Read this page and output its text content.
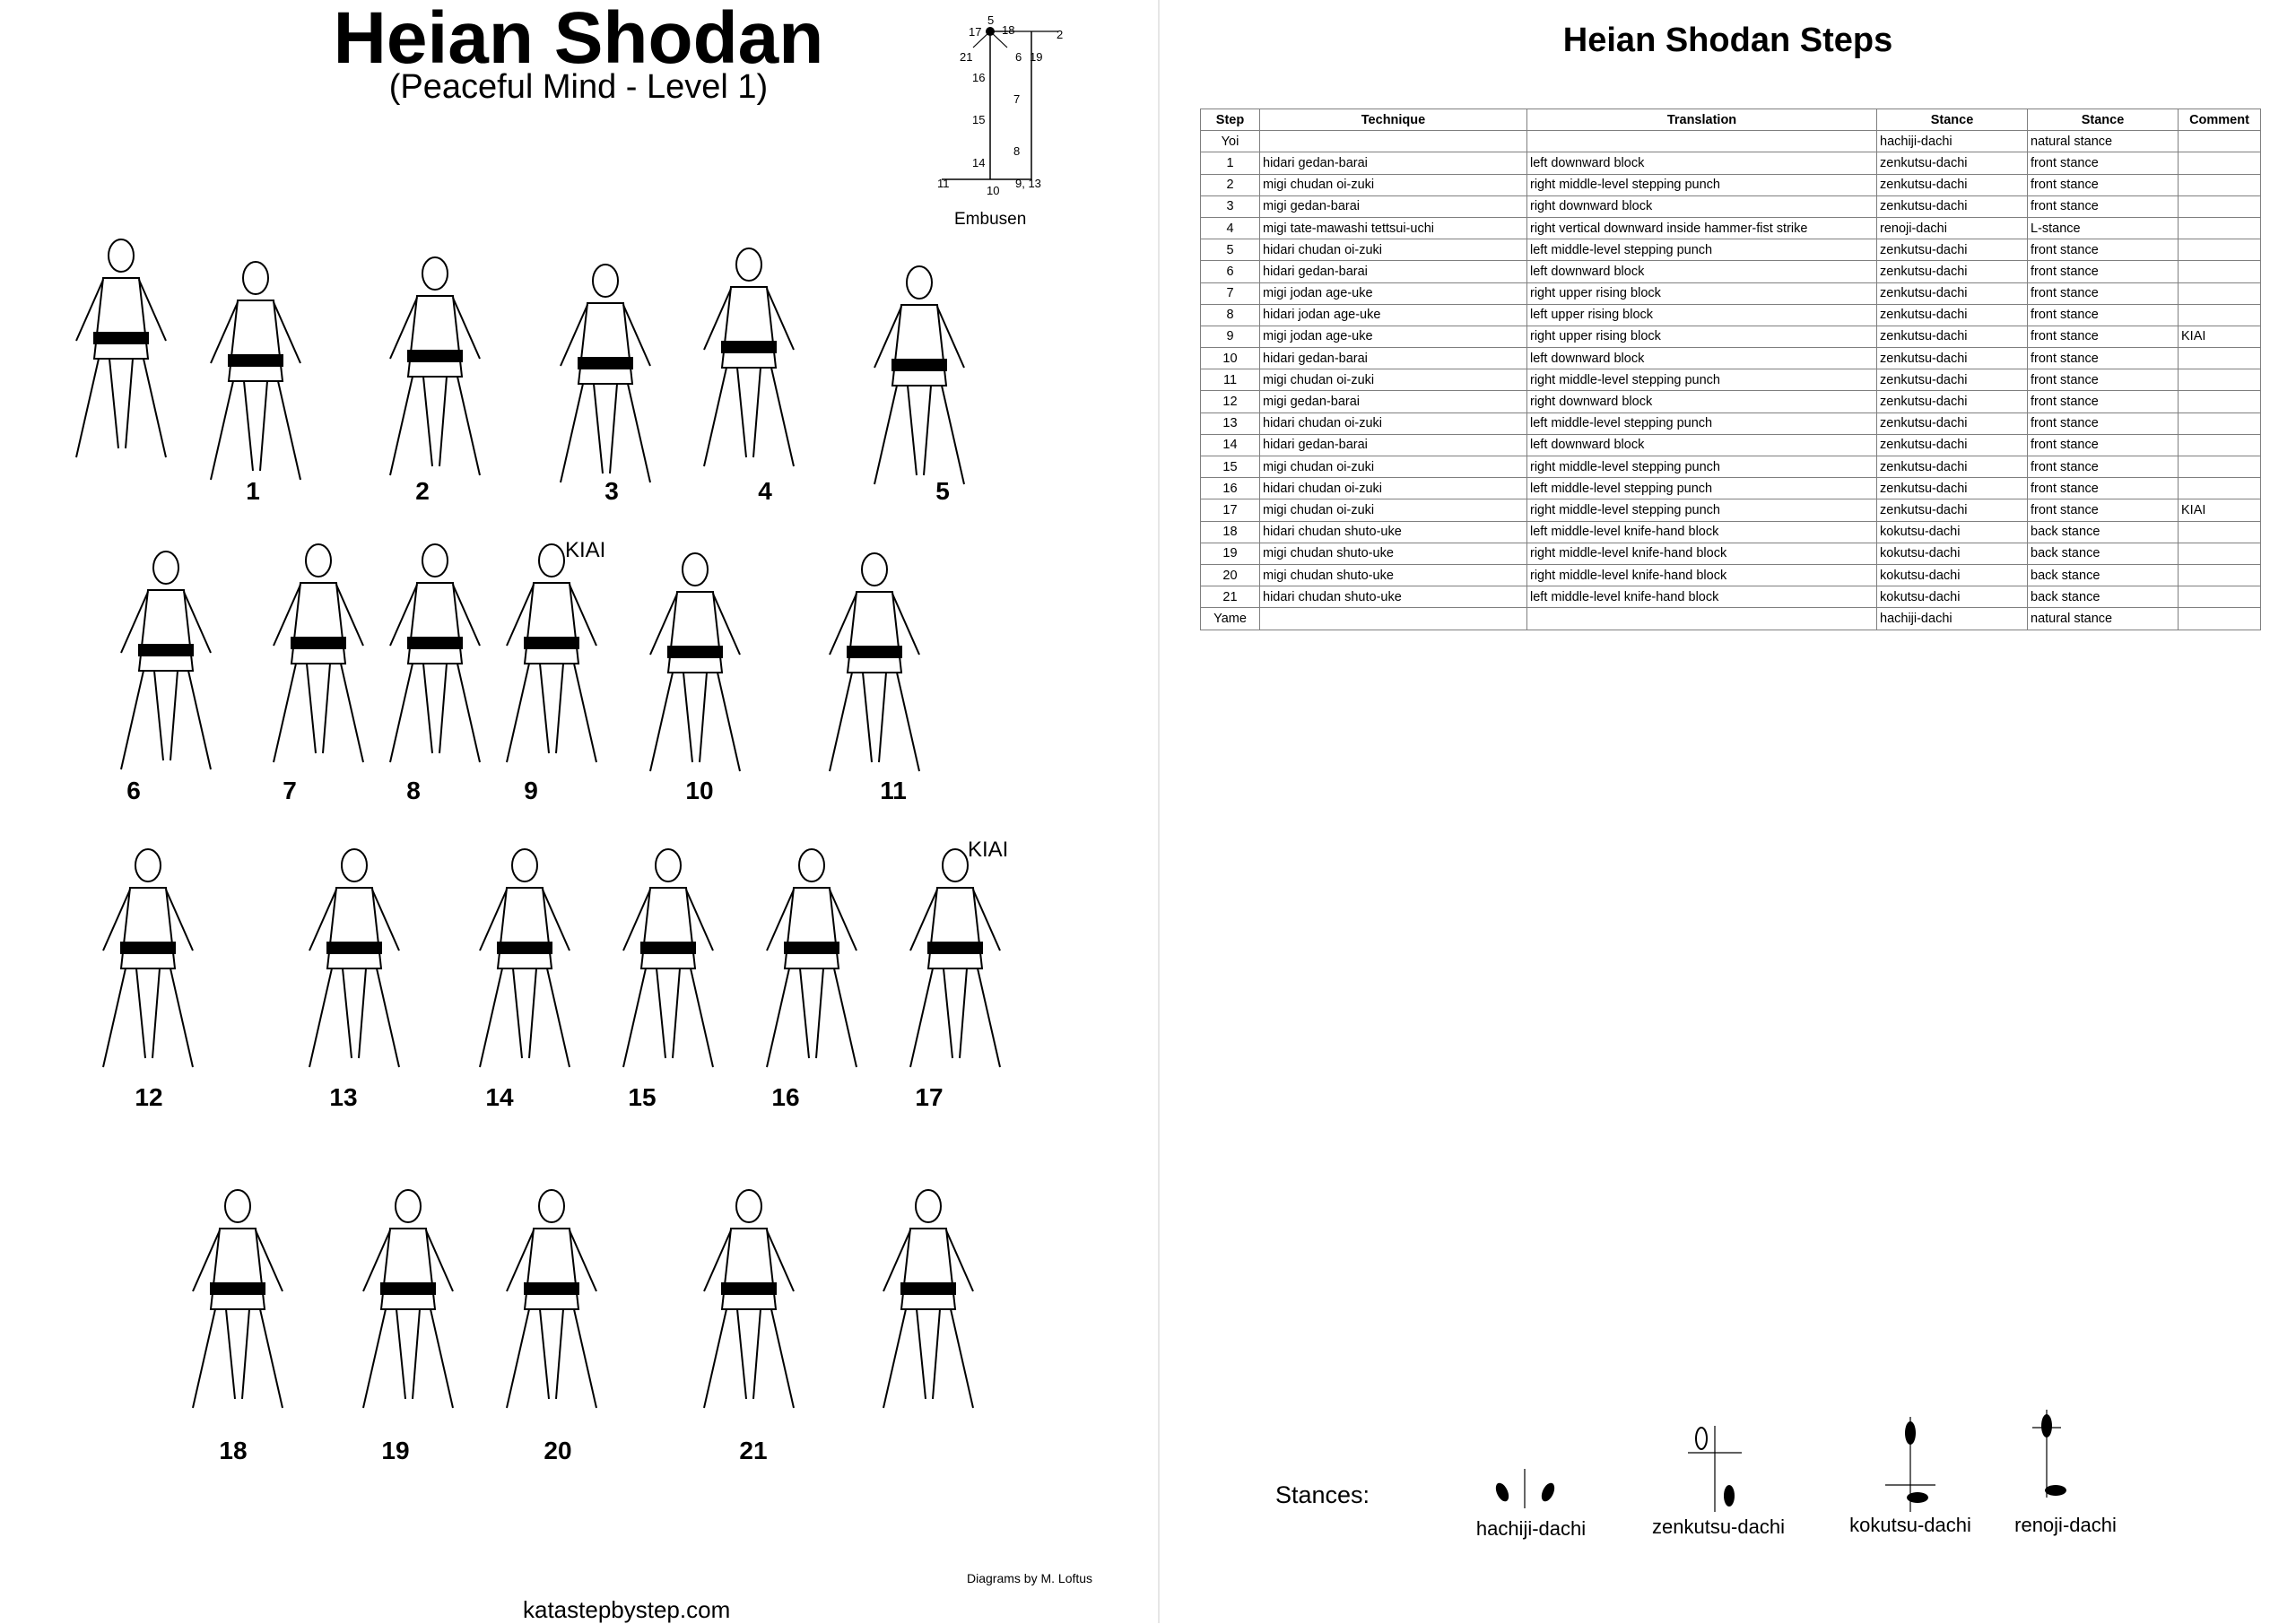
Heian Shodan
(Peaceful Mind - Level 1)
5
17 18	2
21	6 19
16
7
15
8
14
11
10
9, 13
Embusen
1	2	3	4	5
6	7	8	9	10	11
12	13	14	15	16	17
18	19	20	21
KIAI
KIAI
Diagrams by M. Loftus
katastepbystep.com
Heian Shodan Steps
Step	Technique	Translation	Stance	Stance	Comment
Yoi			hachiji-dachi	natural stance	
1	hidari gedan-barai	left downward block	zenkutsu-dachi	front stance	
2	migi chudan oi-zuki	right middle-level stepping punch	zenkutsu-dachi	front stance	
3	migi gedan-barai	right downward block	zenkutsu-dachi	front stance	
4	migi tate-mawashi tettsui-uchi	right vertical downward inside hammer-fist strike	renoji-dachi	L-stance	
5	hidari chudan oi-zuki	left middle-level stepping punch	zenkutsu-dachi	front stance	
6	hidari gedan-barai	left downward block	zenkutsu-dachi	front stance	
7	migi jodan age-uke	right upper rising block	zenkutsu-dachi	front stance	
8	hidari jodan age-uke	left upper rising block	zenkutsu-dachi	front stance	
9	migi jodan age-uke	right upper rising block	zenkutsu-dachi	front stance	KIAI
10	hidari gedan-barai	left downward block	zenkutsu-dachi	front stance	
11	migi chudan oi-zuki	right middle-level stepping punch	zenkutsu-dachi	front stance	
12	migi gedan-barai	right downward block	zenkutsu-dachi	front stance	
13	hidari chudan oi-zuki	left middle-level stepping punch	zenkutsu-dachi	front stance	
14	hidari gedan-barai	left downward block	zenkutsu-dachi	front stance	
15	migi chudan oi-zuki	right middle-level stepping punch	zenkutsu-dachi	front stance	
16	hidari chudan oi-zuki	left middle-level stepping punch	zenkutsu-dachi	front stance	
17	migi chudan oi-zuki	right middle-level stepping punch	zenkutsu-dachi	front stance	KIAI
18	hidari chudan shuto-uke	left middle-level knife-hand block	kokutsu-dachi	back stance	
19	migi chudan shuto-uke	right middle-level knife-hand block	kokutsu-dachi	back stance	
20	migi chudan shuto-uke	right middle-level knife-hand block	kokutsu-dachi	back stance	
21	hidari chudan shuto-uke	left middle-level knife-hand block	kokutsu-dachi	back stance	
Yame			hachiji-dachi	natural stance	
Stances:
hachiji-dachi	zenkutsu-dachi	kokutsu-dachi renoji-dachi
